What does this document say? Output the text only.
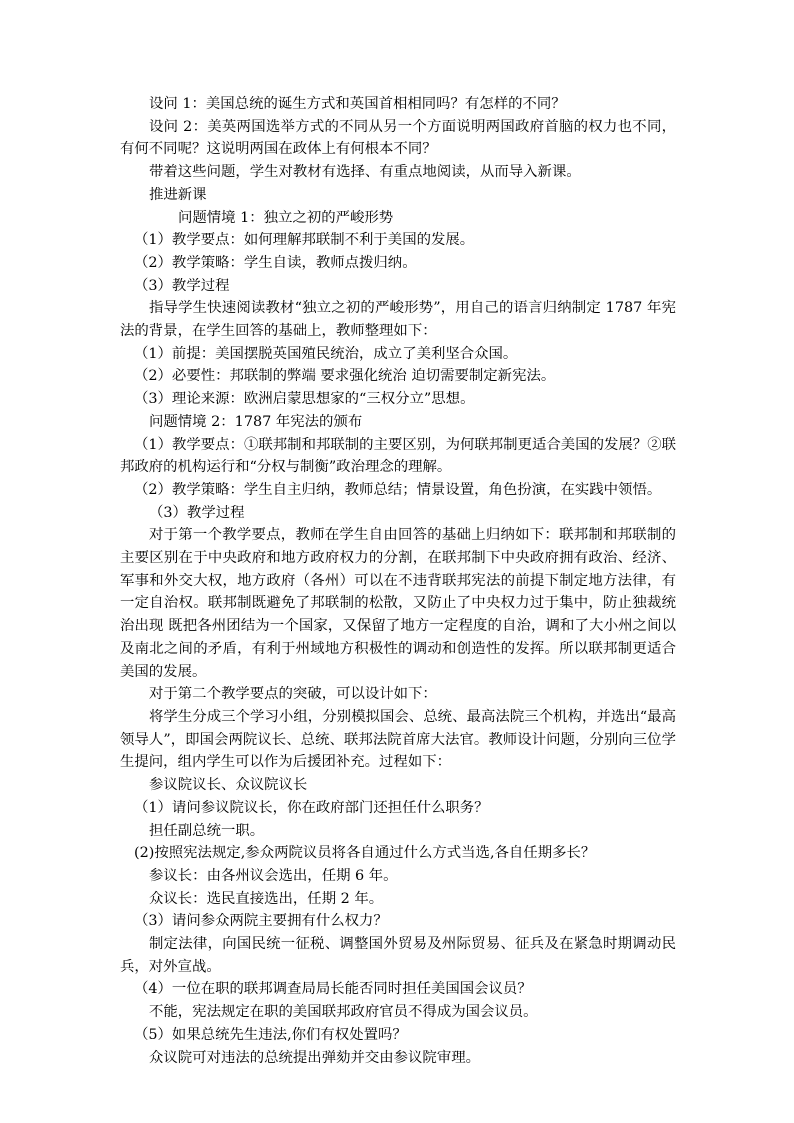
设问 1：美国总统的诞生方式和英国首相相同吗？有怎样的不同？

设问 2：美英两国选举方式的不同从另一个方面说明两国政府首脑的权力也不同，有何不同呢？这说明两国在政体上有何根本不同？

带着这些问题，学生对教材有选择、有重点地阅读，从而导入新课。

推进新课

问题情境 1：独立之初的严峻形势

（1）教学要点：如何理解邦联制不利于美国的发展。

（2）教学策略：学生自读，教师点拨归纳。

（3）教学过程

指导学生快速阅读教材“独立之初的严峻形势”，用自己的语言归纳制定 1787 年宪法的背景，在学生回答的基础上，教师整理如下：

（1）前提：美国摆脱英国殖民统治，成立了美利坚合众国。

（2）必要性：邦联制的弊端 要求强化统治 迫切需要制定新宪法。

（3）理论来源：欧洲启蒙思想家的“三权分立”思想。

问题情境 2：1787 年宪法的颁布

（1）教学要点：①联邦制和邦联制的主要区别，为何联邦制更适合美国的发展？②联邦政府的机构运行和“分权与制衡”政治理念的理解。

（2）教学策略：学生自主归纳，教师总结；情景设置，角色扮演，在实践中领悟。

（3）教学过程

对于第一个教学要点，教师在学生自由回答的基础上归纳如下：联邦制和邦联制的主要区别在于中央政府和地方政府权力的分割，在联邦制下中央政府拥有政治、经济、军事和外交大权，地方政府（各州）可以在不违背联邦宪法的前提下制定地方法律，有一定自治权。联邦制既避免了邦联制的松散，又防止了中央权力过于集中，防止独裁统治出现 既把各州团结为一个国家，又保留了地方一定程度的自治，调和了大小州之间以及南北之间的矛盾，有利于州域地方积极性的调动和创造性的发挥。所以联邦制更适合美国的发展。

对于第二个教学要点的突破，可以设计如下：

将学生分成三个学习小组，分别模拟国会、总统、最高法院三个机构，并选出“最高领导人”，即国会两院议长、总统、联邦法院首席大法官。教师设计问题，分别向三位学生提问，组内学生可以作为后援团补充。过程如下：

参议院议长、众议院议长

（1）请问参议院议长，你在政府部门还担任什么职务？

担任副总统一职。

(2)按照宪法规定,参众两院议员将各自通过什么方式当选,各自任期多长？

参议长：由各州议会选出，任期 6 年。

众议长：选民直接选出，任期 2 年。

（3）请问参众两院主要拥有什么权力？

制定法律，向国民统一征税、调整国外贸易及州际贸易、征兵及在紧急时期调动民兵，对外宣战。

（4）一位在职的联邦调查局局长能否同时担任美国国会议员？

不能，宪法规定在职的美国联邦政府官员不得成为国会议员。

（5）如果总统先生违法,你们有权处置吗？

众议院可对违法的总统提出弹劾并交由参议院审理。
